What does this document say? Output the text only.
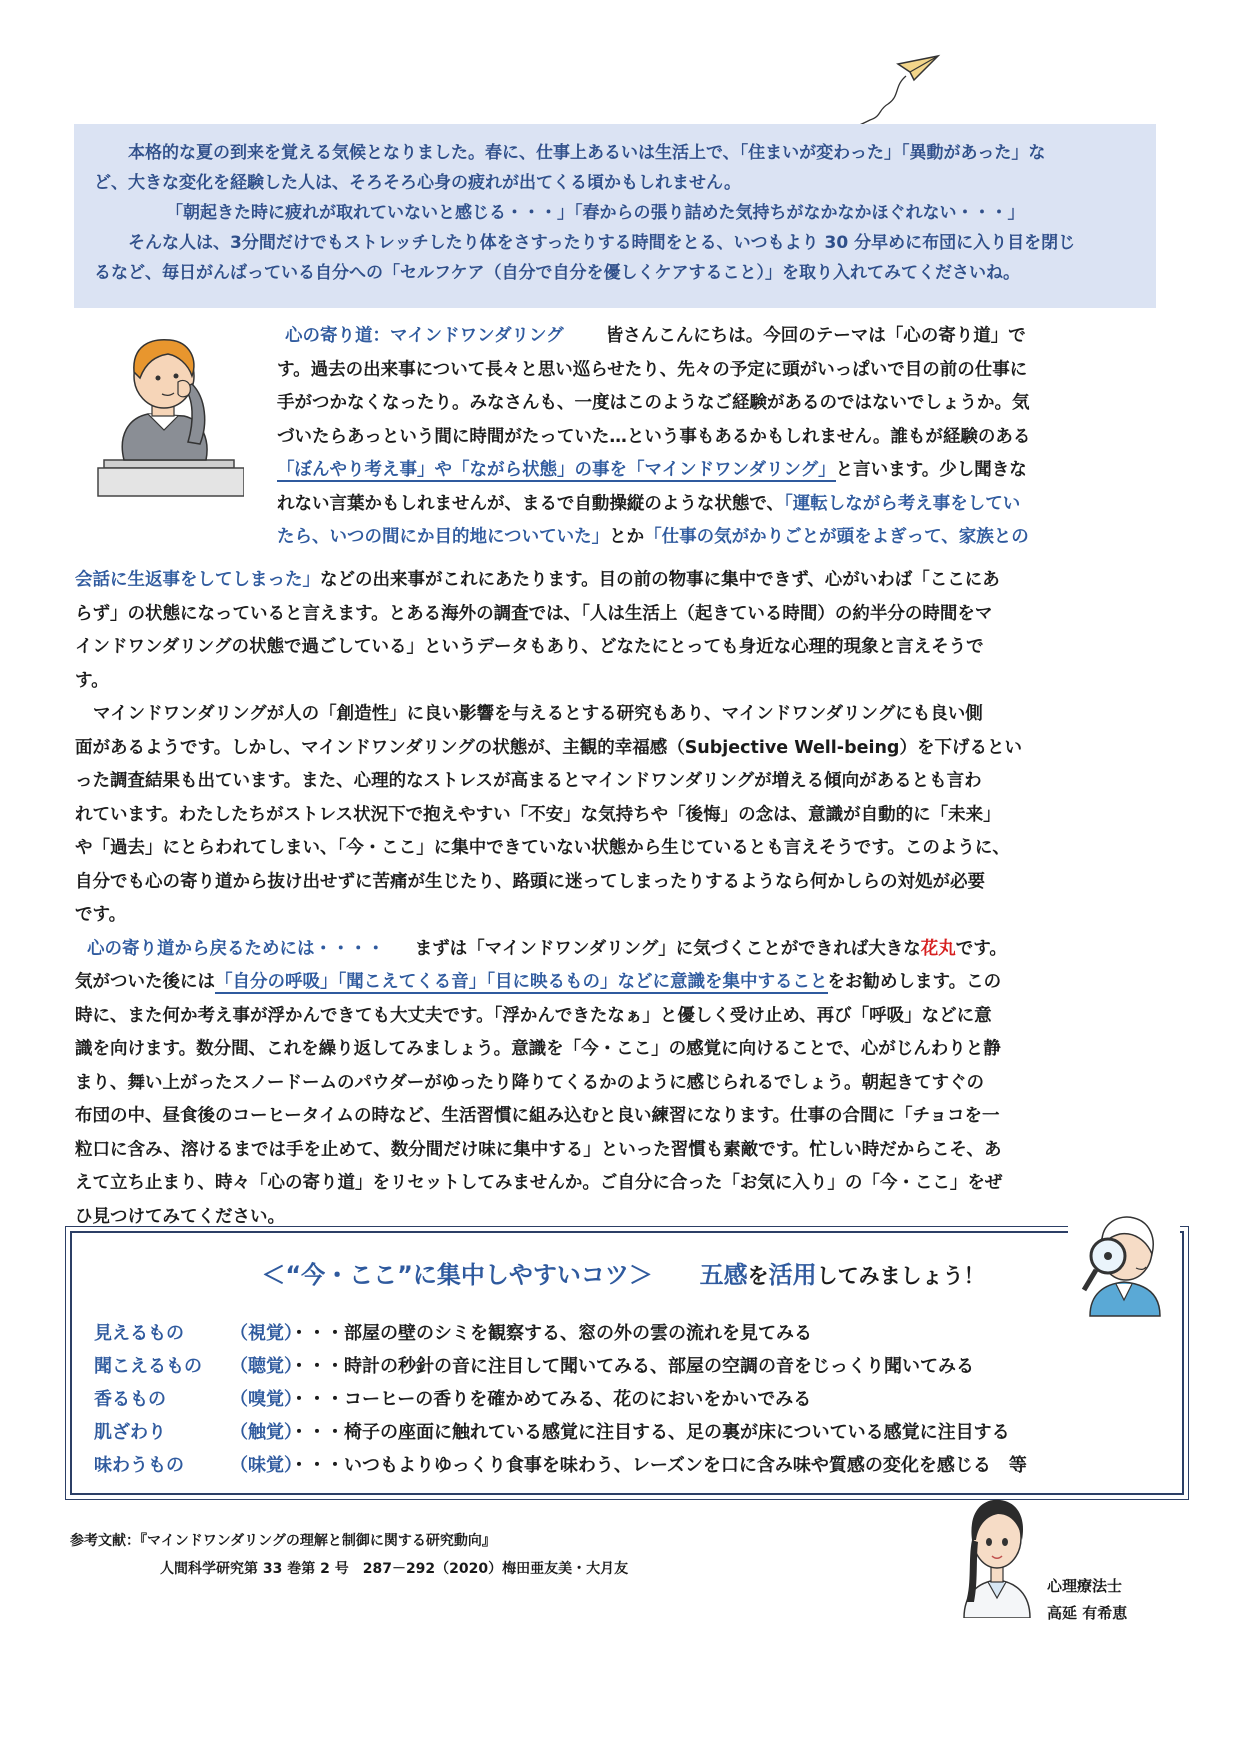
本格的な夏の到来を覚える気候となりました。春に、仕事上あるいは生活上で、「住まいが変わった」「異動があった」な

ど、大きな変化を経験した人は、そろそろ心身の疲れが出てくる頃かもしれません。

「朝起きた時に疲れが取れていないと感じる・・・」「春からの張り詰めた気持ちがなかなかほぐれない・・・」

そんな人は、3分間だけでもストレッチしたり体をさすったりする時間をとる、いつもより 30 分早めに布団に入り目を閉じ

るなど、毎日がんばっている自分への「セルフケア（自分で自分を優しくケアすること）」を取り入れてみてくださいね。

心の寄り道：マインドワンダリング 皆さんこんにちは。今回のテーマは「心の寄り道」で

す。過去の出来事について長々と思い巡らせたり、先々の予定に頭がいっぱいで目の前の仕事に

手がつかなくなったり。みなさんも、一度はこのようなご経験があるのではないでしょうか。気

づいたらあっという間に時間がたっていた…という事もあるかもしれません。誰もが経験のある

「ぼんやり考え事」や「ながら状態」の事を「マインドワンダリング」と言います。少し聞きな

れない言葉かもしれませんが、まるで自動操縦のような状態で、「運転しながら考え事をしてい

たら、いつの間にか目的地についていた」とか「仕事の気がかりごとが頭をよぎって、家族との

会話に生返事をしてしまった」などの出来事がこれにあたります。目の前の物事に集中できず、心がいわば「ここにあ

らず」の状態になっていると言えます。とある海外の調査では、「人は生活上（起きている時間）の約半分の時間をマ

インドワンダリングの状態で過ごしている」というデータもあり、どなたにとっても身近な心理的現象と言えそうで

す。

マインドワンダリングが人の「創造性」に良い影響を与えるとする研究もあり、マインドワンダリングにも良い側

面があるようです。しかし、マインドワンダリングの状態が、主観的幸福感（Subjective Well-being）を下げるとい

った調査結果も出ています。また、心理的なストレスが高まるとマインドワンダリングが増える傾向があるとも言わ

れています。わたしたちがストレス状況下で抱えやすい「不安」な気持ちや「後悔」の念は、意識が自動的に「未来」

や「過去」にとらわれてしまい、「今・ここ」に集中できていない状態から生じているとも言えそうです。このように、

自分でも心の寄り道から抜け出せずに苦痛が生じたり、路頭に迷ってしまったりするようなら何かしらの対処が必要

です。

心の寄り道から戻るためには・・・・ まずは「マインドワンダリング」に気づくことができれば大きな花丸です。

気がついた後には「自分の呼吸」「聞こえてくる音」「目に映るもの」などに意識を集中することをお勧めします。この

時に、また何か考え事が浮かんできても大丈夫です。「浮かんできたなぁ」と優しく受け止め、再び「呼吸」などに意

識を向けます。数分間、これを繰り返してみましょう。意識を「今・ここ」の感覚に向けることで、心がじんわりと静

まり、舞い上がったスノードームのパウダーがゆったり降りてくるかのように感じられるでしょう。朝起きてすぐの

布団の中、昼食後のコーヒータイムの時など、生活習慣に組み込むと良い練習になります。仕事の合間に「チョコを一

粒口に含み、溶けるまでは手を止めて、数分間だけ味に集中する」といった習慣も素敵です。忙しい時だからこそ、あ

えて立ち止まり、時々「心の寄り道」をリセットしてみませんか。ご自分に合った「お気に入り」の「今・ここ」をぜ

ひ見つけてみてください。

＜“今・ここ”に集中しやすいコツ＞ 五感を活用してみましょう！
見えるもの	（視覚）・・・部屋の壁のシミを観察する、窓の外の雲の流れを見てみる
聞こえるもの （聴覚）・・・時計の秒針の音に注目して聞いてみる、部屋の空調の音をじっくり聞いてみる
香るもの	（嗅覚）・・・コーヒーの香りを確かめてみる、花のにおいをかいでみる
肌ざわり	（触覚）・・・椅子の座面に触れている感覚に注目する、足の裏が床についている感覚に注目する
味わうもの	（味覚）・・・いつもよりゆっくり食事を味わう、レーズンを口に含み味や質感の変化を感じる　等

参考文献：『マインドワンダリングの理解と制御に関する研究動向』

人間科学研究第 33 巻第 2 号　287－292（2020）梅田亜友美・大月友

心理療法士

高延 有希恵
